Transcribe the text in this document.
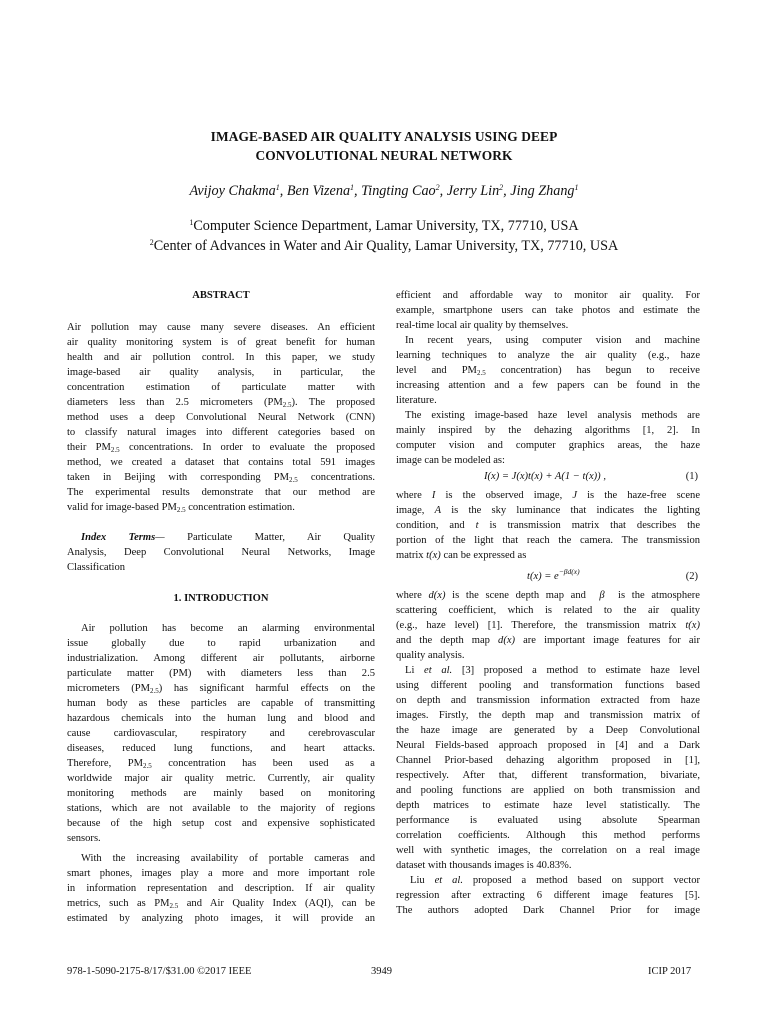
IMAGE-BASED AIR QUALITY ANALYSIS USING DEEP
CONVOLUTIONAL NEURAL NETWORK
Avijoy Chakma$^1$, Ben Vizena$^1$, Tingting Cao$^2$, Jerry Lin$^2$, Jing Zhang$^1$
$^1$Computer Science Department, Lamar University, TX, 77710, USA
$^2$Center of Advances in Water and Air Quality, Lamar University, TX, 77710, USA
ABSTRACT
Air pollution may cause many severe diseases. An efficient
air quality monitoring system is of great benefit for human
health and air pollution control. In this paper, we study
image-based air quality analysis, in particular, the
concentration estimation of particulate matter with
diameters less than 2.5 micrometers $(PM_{2.5})$. The proposed
method uses a deep Convolutional Neural Network (CNN)
to classify natural images into different categories based on
their $PM_{2.5}$ concentrations. In order to evaluate the proposed
method, we created a dataset that contains total 591 images
taken in Beijing with corresponding $PM_{2.5}$ concentrations.
The experimental results demonstrate that our method are
valid for image-based $PM_{2.5}$ concentration estimation.
Index Terms— Particulate Matter, Air Quality
Analysis, Deep Convolutional Neural Networks, Image
Classification
1. INTRODUCTION
Air pollution has become an alarming environmental
issue globally due to rapid urbanization and
industrialization. Among different air pollutants, airborne
particulate matter (PM) with diameters less than 2.5
micrometers $(PM_{2.5})$ has significant harmful effects on the
human body as these particles are capable of transmitting
hazardous chemicals into the human lung and blood and
cause cardiovascular, respiratory and cerebrovascular
diseases, reduced lung functions, and heart attacks.
Therefore, $PM_{2.5}$ concentration has been used as a
worldwide major air quality metric. Currently, air quality
monitoring methods are mainly based on monitoring
stations, which are not available to the majority of regions
because of the high setup cost and expensive sophisticated
sensors.
With the increasing availability of portable cameras and
smart phones, images play a more and more important role
in information representation and description. If air quality
metrics, such as $PM_{2.5}$ and Air Quality Index (AQI), can be
estimated by analyzing photo images, it will provide an
efficient and affordable way to monitor air quality. For
example, smartphone users can take photos and estimate the
real-time local air quality by themselves.
In recent years, using computer vision and machine
learning techniques to analyze the air quality (e.g., haze
level and $PM_{2.5}$ concentration) has begun to receive
increasing attention and a few papers can be found in the
literature.
The existing image-based haze level analysis methods are
mainly inspired by the dehazing algorithms [1, 2]. In
computer vision and computer graphics areas, the haze
image can be modeled as:
where I is the observed image, J is the haze-free scene
image, A is the sky luminance that indicates the lighting
condition, and t is transmission matrix that describes the
portion of the light that reach the camera. The transmission
matrix t(x) can be expressed as
where d(x) is the scene depth map and  β  is the atmosphere
scattering coefficient, which is related to the air quality
(e.g., haze level) [1]. Therefore, the transmission matrix t(x)
and the depth map d(x) are important image features for air
quality analysis.
Li et al. [3] proposed a method to estimate haze level
using different pooling and transformation functions based
on depth and transmission information extracted from haze
images. Firstly, the depth map and transmission matrix of
the haze image are generated by a Deep Convolutional
Neural Fields-based approach proposed in [4] and a Dark
Channel Prior-based dehazing algorithm proposed in [1],
respectively. After that, different transformation, bivariate,
and pooling functions are applied on both transmission and
depth matrices to estimate haze level statistically. The
performance is evaluated using absolute Spearman
correlation coefficients. Although this method performs
well with synthetic images, the correlation on a real image
dataset with thousands images is 40.83%.
Liu et al. proposed a method based on support vector
regression after extracting 6 different image features [5].
The authors adopted Dark Channel Prior for image
I(x) = J(x)t(x) + A(1 − t(x)) ,	(1)
$t(x) = e^{-\beta d(x)}$	(2)
978-1-5090-2175-8/17/$31.00 ©2017 IEEE	3949	ICIP 2017
